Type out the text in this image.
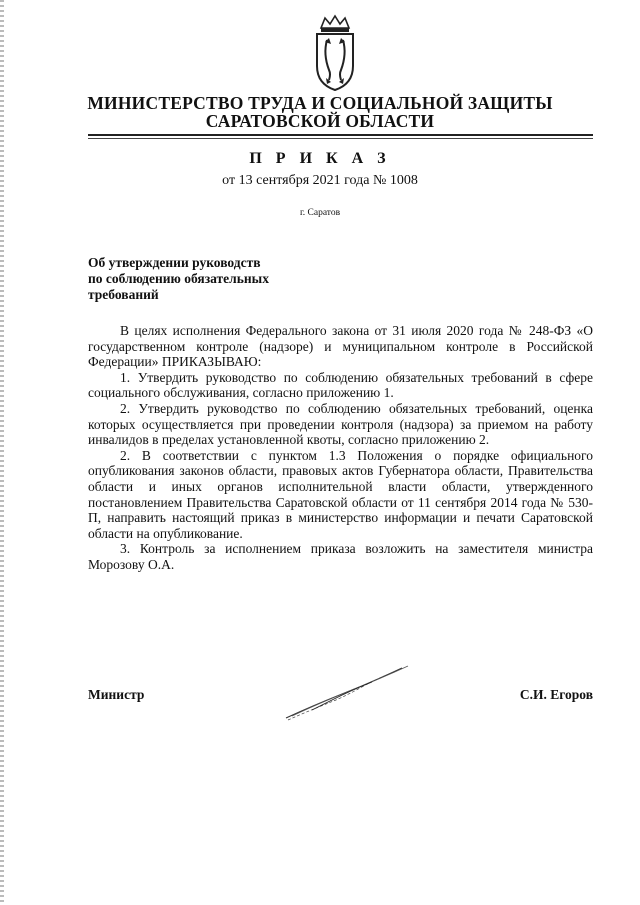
МИНИСТЕРСТВО ТРУДА И СОЦИАЛЬНОЙ ЗАЩИТЫ
САРАТОВСКОЙ ОБЛАСТИ
П Р И К А З
от 13 сентября 2021 года № 1008
г. Саратов
Об утверждении руководств
по соблюдению обязательных
требований

В целях исполнения Федерального закона от 31 июля 2020 года № 248-ФЗ «О государственном контроле (надзоре) и муниципальном контроле в Российской Федерации» ПРИКАЗЫВАЮ:

1. Утвердить руководство по соблюдению обязательных требований в сфере социального обслуживания, согласно приложению 1.

2. Утвердить руководство по соблюдению обязательных требований, оценка которых осуществляется при проведении контроля (надзора) за приемом на работу инвалидов в пределах установленной квоты, согласно приложению 2.

2. В соответствии с пунктом 1.3 Положения о порядке официального опубликования законов области, правовых актов Губернатора области, Правительства области и иных органов исполнительной власти области, утвержденного постановлением Правительства Саратовской области от 11 сентября 2014 года № 530-П, направить настоящий приказ в министерство информации и печати Саратовской области на опубликование.

3. Контроль за исполнением приказа возложить на заместителя министра Морозову О.А.

Министр	С.И. Егоров
